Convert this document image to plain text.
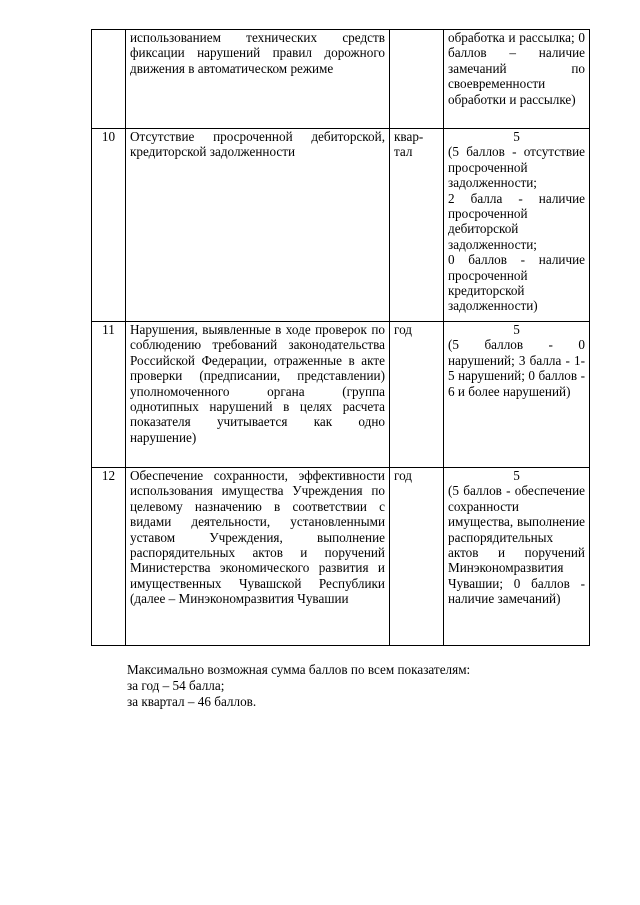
	использованием технических средств фиксации нарушений правил дорожного движения в автоматическом режиме		обработка и рассылка; 0 баллов – наличие замечаний по своевременности обработки и рассылке)

10	Отсутствие просроченной дебиторской, кредиторской задолженности	квар-тал	5
(5 баллов - отсутствие просроченной задолженности;
2 балла - наличие просроченной дебиторской задолженности;
0 баллов - наличие просроченной кредиторской задолженности)

11	Нарушения, выявленные в ходе проверок по соблюдению требований законодательства Российской Федерации, отраженные в акте проверки (предписании, представлении) уполномоченного органа (группа однотипных нарушений в целях расчета показателя учитывается как одно нарушение)	год	5
(5 баллов - 0 нарушений; 3 балла - 1-5 нарушений; 0 баллов - 6 и более нарушений)

12	Обеспечение сохранности, эффективности использования имущества Учреждения по целевому назначению в соответствии с видами деятельности, установленными уставом Учреждения, выполнение распорядительных актов и поручений Министерства экономического развития и имущественных Чувашской Республики (далее – Минэкономразвития Чувашии	год	5
(5 баллов - обеспечение сохранности имущества, выполнение распорядительных актов и поручений Минэкономразвития Чувашии; 0 баллов - наличие замечаний)
Максимально возможная сумма баллов по всем показателям:
за год – 54 балла;
за квартал – 46 баллов.
